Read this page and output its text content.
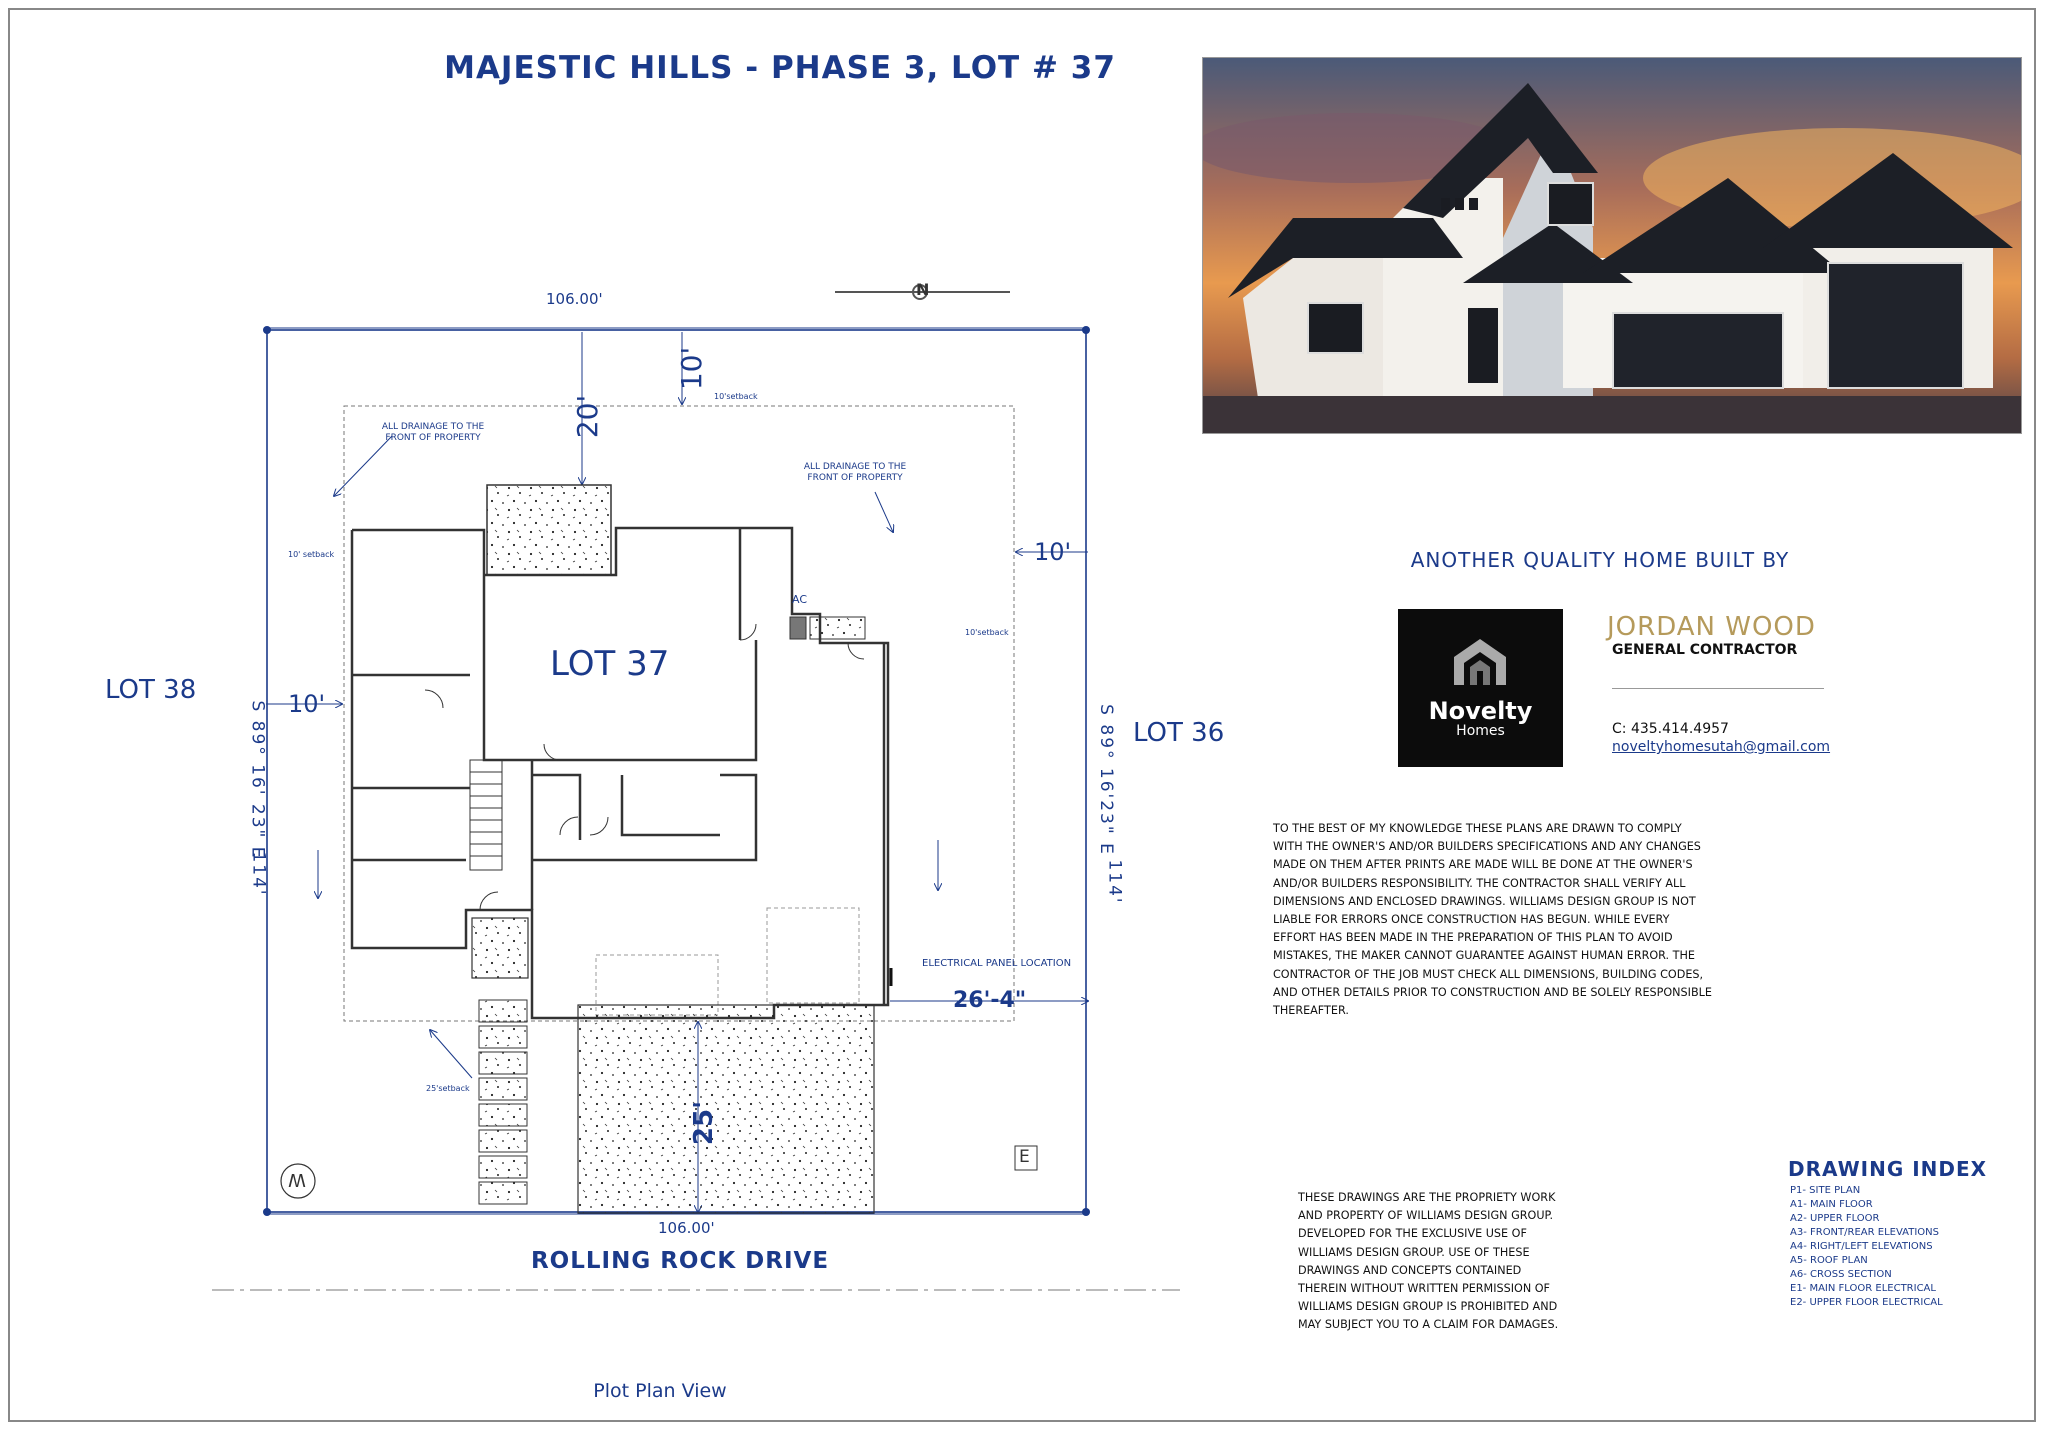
MAJESTIC HILLS - PHASE 3, LOT # 37
LOT 37
LOT 38
LOT 36
106.00'
106.00'
S 89° 16' 23" E
114'
S 89° 16'23" E
114'
20'
10'
10'
10'
26'-4"
25'
10'setback
10' setback
10'setback
25'setback
ALL DRAINAGE TO THE FRONT OF PROPERTY
ALL DRAINAGE TO THE FRONT OF PROPERTY
AC
ELECTRICAL PANEL LOCATION
N
W
E
ROLLING ROCK DRIVE
Plot Plan View
ANOTHER QUALITY HOME BUILT BY
Novelty
Homes
JORDAN WOOD
GENERAL CONTRACTOR
C: 435.414.4957
noveltyhomesutah@gmail.com
TO THE BEST OF MY KNOWLEDGE THESE PLANS ARE DRAWN TO COMPLY WITH THE OWNER'S AND/OR BUILDERS SPECIFICATIONS AND ANY CHANGES MADE ON THEM AFTER PRINTS ARE MADE WILL BE DONE AT THE OWNER'S AND/OR BUILDERS RESPONSIBILITY. THE CONTRACTOR SHALL VERIFY ALL DIMENSIONS AND ENCLOSED DRAWINGS. WILLIAMS DESIGN GROUP IS NOT LIABLE FOR ERRORS ONCE CONSTRUCTION HAS BEGUN. WHILE EVERY EFFORT HAS BEEN MADE IN THE PREPARATION OF THIS PLAN TO AVOID MISTAKES, THE MAKER CANNOT GUARANTEE AGAINST HUMAN ERROR. THE CONTRACTOR OF THE JOB MUST CHECK ALL DIMENSIONS, BUILDING CODES, AND OTHER DETAILS PRIOR TO CONSTRUCTION AND BE SOLELY RESPONSIBLE THEREAFTER.
THESE DRAWINGS ARE THE PROPRIETY WORK AND PROPERTY OF WILLIAMS DESIGN GROUP. DEVELOPED FOR THE EXCLUSIVE USE OF WILLIAMS DESIGN GROUP. USE OF THESE DRAWINGS AND CONCEPTS CONTAINED THEREIN WITHOUT WRITTEN PERMISSION OF WILLIAMS DESIGN GROUP IS PROHIBITED AND MAY SUBJECT YOU TO A CLAIM FOR DAMAGES.
DRAWING INDEX
P1- SITE PLAN
A1- MAIN FLOOR
A2- UPPER FLOOR
A3- FRONT/REAR ELEVATIONS
A4- RIGHT/LEFT ELEVATIONS
A5- ROOF PLAN
A6- CROSS SECTION
E1- MAIN FLOOR ELECTRICAL
E2- UPPER FLOOR ELECTRICAL
